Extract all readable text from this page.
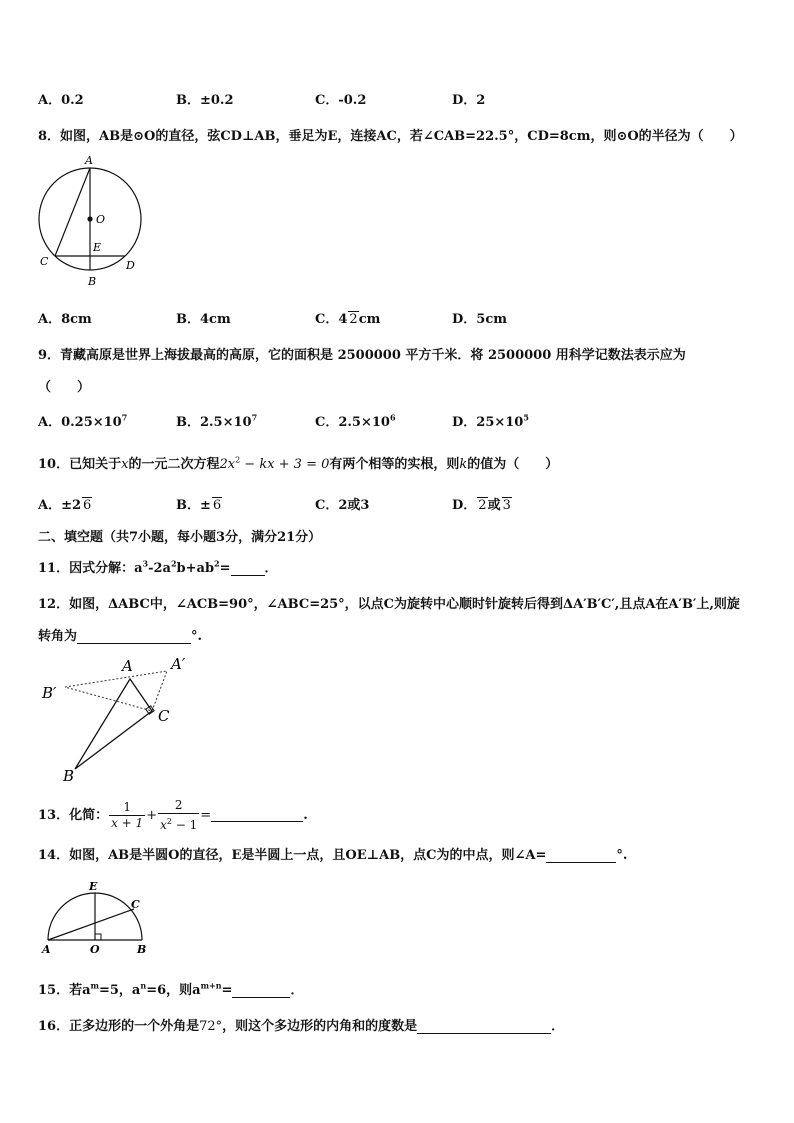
A．0.2	B．±0.2	C．-0.2	D．2
8．如图，AB是⊙O的直径，弦CD⊥AB，垂足为E，连接AC，若∠CAB=22.5°，CD=8cm，则⊙O的半径为（　　）
A
O
E
C	D
B
A．8cm	B．4cm	C．4 2cm	D．5cm
9．青藏高原是世界上海拔最高的高原，它的面积是 2500000 平方千米．将 2500000 用科学记数法表示应为
（　　）
A．$0.25\times 10^7$	B．$2.5\times 10^7$	C．$2.5\times 10^6$	D．$25\times 10^5$
10．已知关于x的一元二次方程$2x^2$ − kx + 3 = 0有两个相等的实根，则k的值为（　　）
A．±2 6	B．± 6	C．2或3	D． 2或 3
二、填空题（共7小题，每小题3分，满分21分）
11．因式分解：$a^3-2a^2b+ab^2=$	．
12．如图，ΔABC中，∠ACB=90°，∠ABC=25°，以点C为旋转中心顺时针旋转后得到ΔA′B′C′,且点A在A′B′上,则旋
转角为	°.
A	A′
B′
C
B
13．化简： $\frac{1}{x + 1} + \frac{2}{x^2 - 1}$ =	.
14．如图，AB是半圆O的直径，E是半圆上一点，且OE⊥AB，点C为的中点，则∠A=	°.
E
C
A	O	B
15．若$a^m=5$，$a^n=6$，则$a^{m+n}=$	．
16．正多边形的一个外角是72°，则这个多边形的内角和的度数是	．
